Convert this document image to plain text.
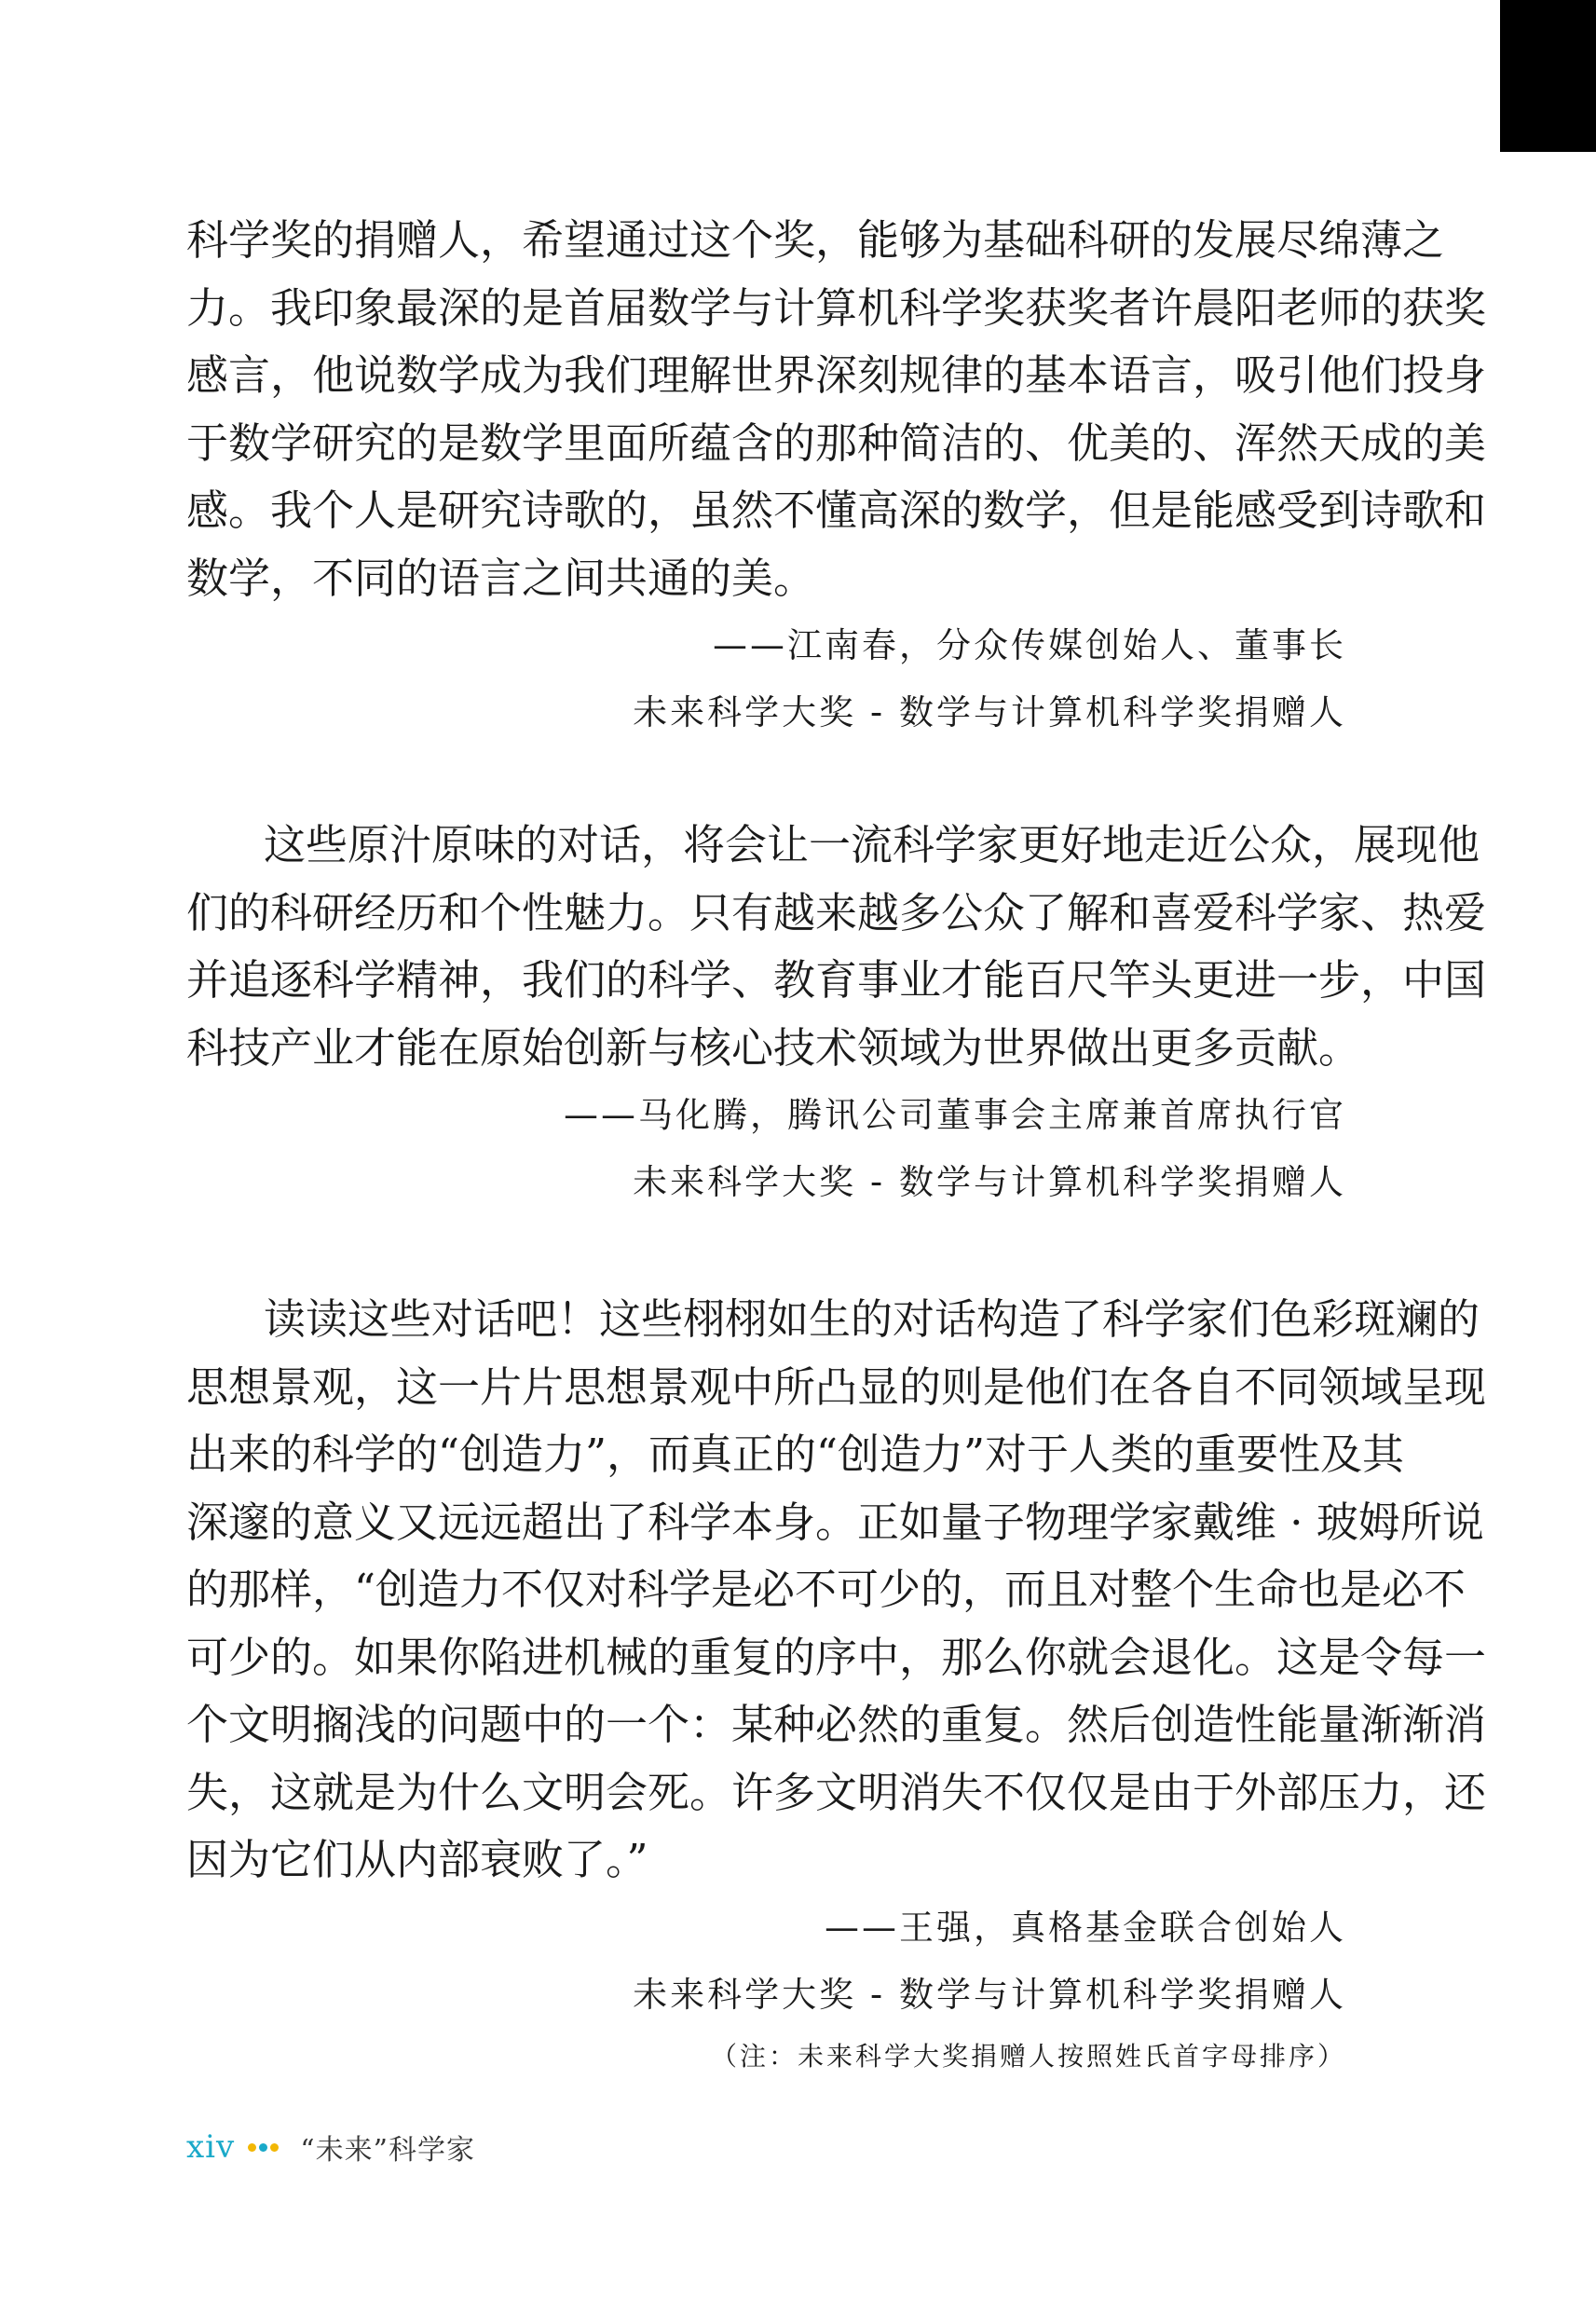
科学奖的捐赠人，希望通过这个奖，能够为基础科研的发展尽绵薄之
力。我印象最深的是首届数学与计算机科学奖获奖者许晨阳老师的获奖
感言，他说数学成为我们理解世界深刻规律的基本语言，吸引他们投身
于数学研究的是数学里面所蕴含的那种简洁的、优美的、浑然天成的美
感。我个人是研究诗歌的，虽然不懂高深的数学，但是能感受到诗歌和
数学，不同的语言之间共通的美。

——江南春，分众传媒创始人、董事长

未来科学大奖 - 数学与计算机科学奖捐赠人

这些原汁原味的对话，将会让一流科学家更好地走近公众，展现他
们的科研经历和个性魅力。只有越来越多公众了解和喜爱科学家、热爱
并追逐科学精神，我们的科学、教育事业才能百尺竿头更进一步，中国
科技产业才能在原始创新与核心技术领域为世界做出更多贡献。

——马化腾，腾讯公司董事会主席兼首席执行官

未来科学大奖 - 数学与计算机科学奖捐赠人

读读这些对话吧！这些栩栩如生的对话构造了科学家们色彩斑斓的
思想景观，这一片片思想景观中所凸显的则是他们在各自不同领域呈现
出来的科学的“创造力”，而真正的“创造力”对于人类的重要性及其
深邃的意义又远远超出了科学本身。正如量子物理学家戴维 · 玻姆所说
的那样，“创造力不仅对科学是必不可少的，而且对整个生命也是必不
可少的。如果你陷进机械的重复的序中，那么你就会退化。这是令每一
个文明搁浅的问题中的一个：某种必然的重复。然后创造性能量渐渐消
失，这就是为什么文明会死。许多文明消失不仅仅是由于外部压力，还
因为它们从内部衰败了。”

——王强，真格基金联合创始人

未来科学大奖 - 数学与计算机科学奖捐赠人

（注：未来科学大奖捐赠人按照姓氏首字母排序）

xiv “未来”科学家
